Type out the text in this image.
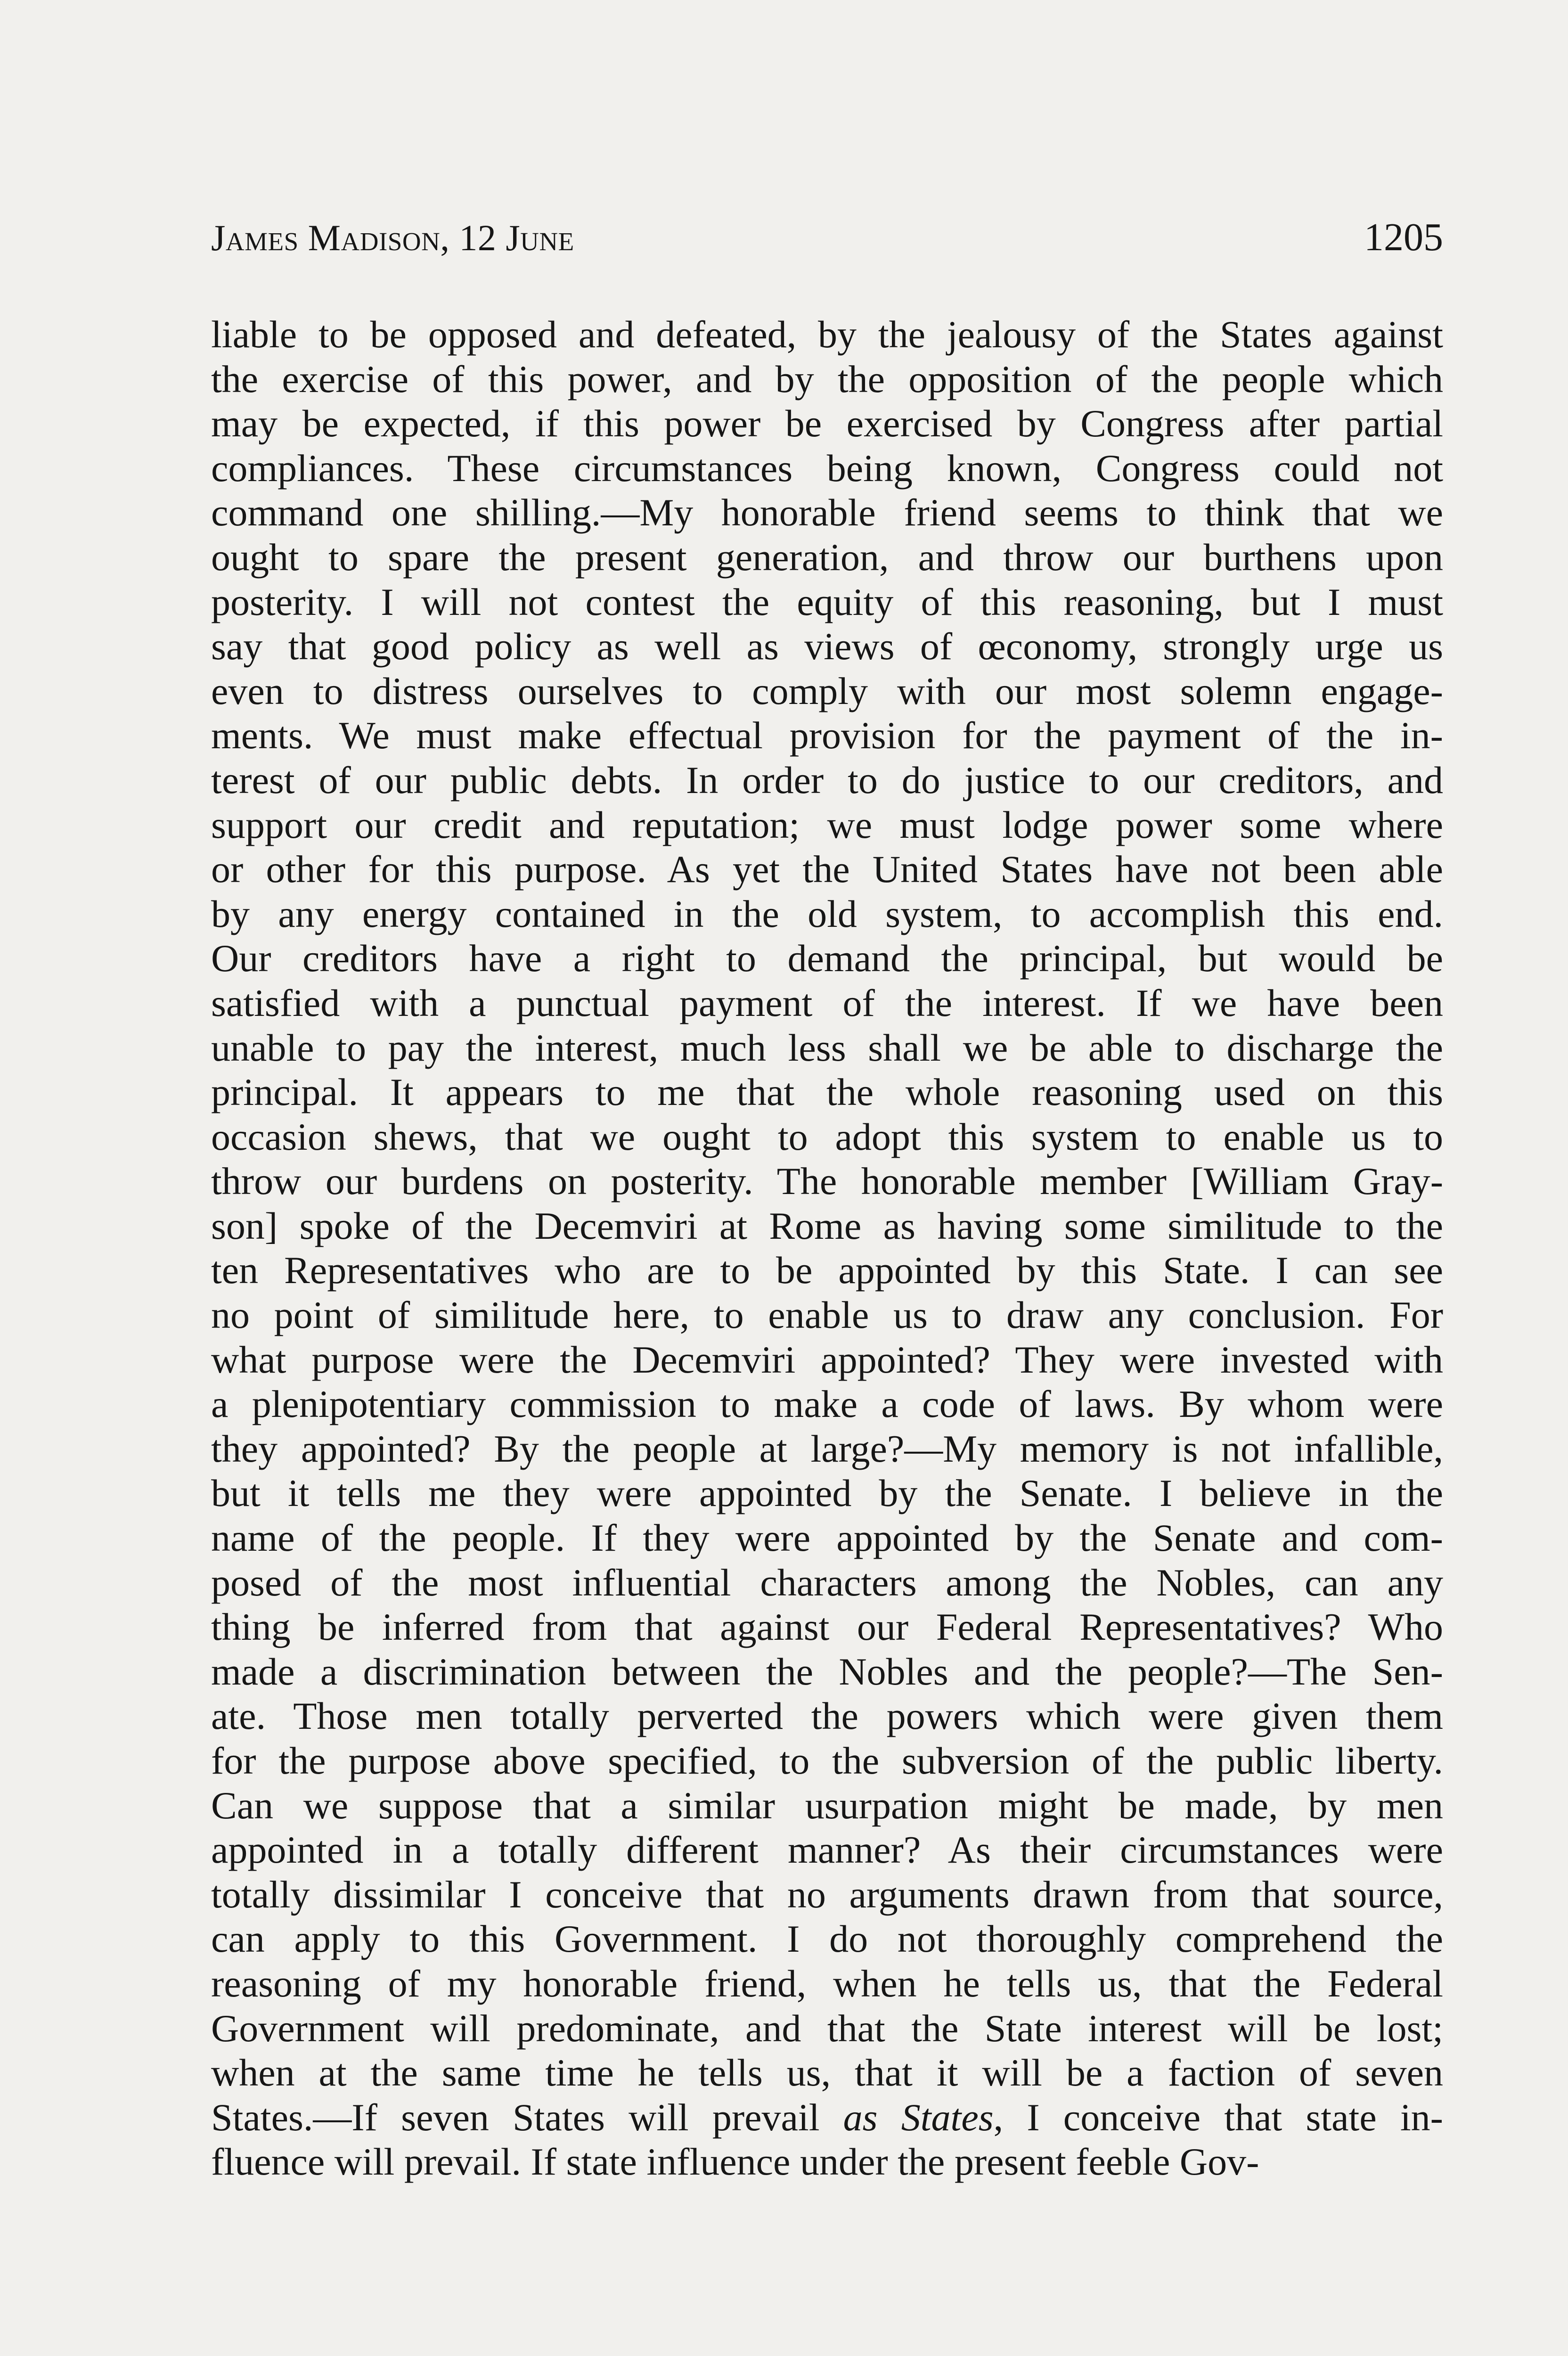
James Madison, 12 June	1205
liable to be opposed and defeated, by the jealousy of the States against
the exercise of this power, and by the opposition of the people which
may be expected, if this power be exercised by Congress after partial
compliances. These circumstances being known, Congress could not
command one shilling.—My honorable friend seems to think that we
ought to spare the present generation, and throw our burthens upon
posterity. I will not contest the equity of this reasoning, but I must
say that good policy as well as views of œconomy, strongly urge us
even to distress ourselves to comply with our most solemn engage-
ments. We must make effectual provision for the payment of the in-
terest of our public debts. In order to do justice to our creditors, and
support our credit and reputation; we must lodge power some where
or other for this purpose. As yet the United States have not been able
by any energy contained in the old system, to accomplish this end.
Our creditors have a right to demand the principal, but would be
satisfied with a punctual payment of the interest. If we have been
unable to pay the interest, much less shall we be able to discharge the
principal. It appears to me that the whole reasoning used on this
occasion shews, that we ought to adopt this system to enable us to
throw our burdens on posterity. The honorable member [William Gray-
son] spoke of the Decemviri at Rome as having some similitude to the
ten Representatives who are to be appointed by this State. I can see
no point of similitude here, to enable us to draw any conclusion. For
what purpose were the Decemviri appointed? They were invested with
a plenipotentiary commission to make a code of laws. By whom were
they appointed? By the people at large?—My memory is not infallible,
but it tells me they were appointed by the Senate. I believe in the
name of the people. If they were appointed by the Senate and com-
posed of the most influential characters among the Nobles, can any
thing be inferred from that against our Federal Representatives? Who
made a discrimination between the Nobles and the people?—The Sen-
ate. Those men totally perverted the powers which were given them
for the purpose above specified, to the subversion of the public liberty.
Can we suppose that a similar usurpation might be made, by men
appointed in a totally different manner? As their circumstances were
totally dissimilar I conceive that no arguments drawn from that source,
can apply to this Government. I do not thoroughly comprehend the
reasoning of my honorable friend, when he tells us, that the Federal
Government will predominate, and that the State interest will be lost;
when at the same time he tells us, that it will be a faction of seven
States.—If seven States will prevail as States, I conceive that state in-
fluence will prevail. If state influence under the present feeble Gov-
